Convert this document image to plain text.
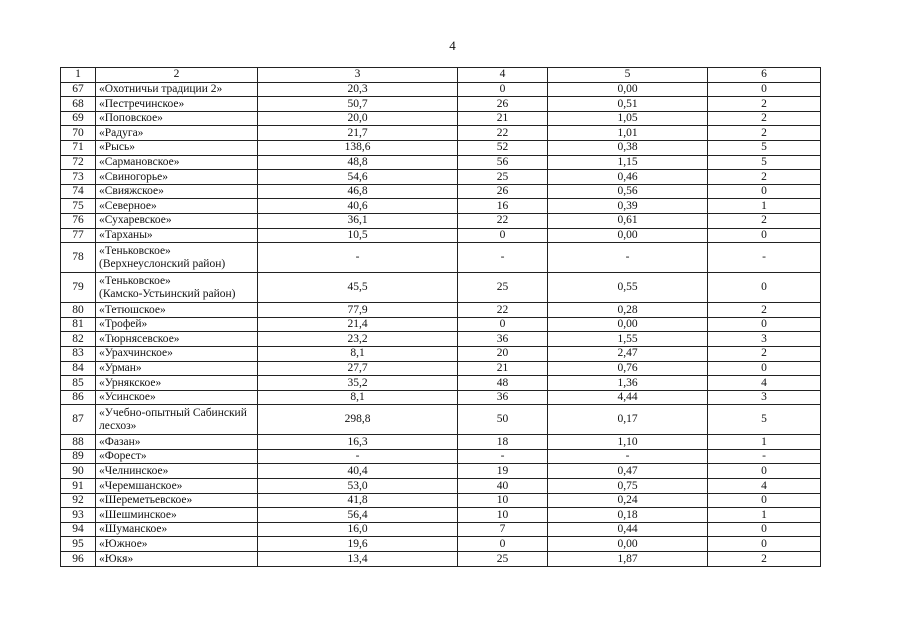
4
1	2	3	4	5	6
67	«Охотничьи традиции 2»	20,3	0	0,00	0
68	«Пестречинское»	50,7	26	0,51	2
69	«Поповское»	20,0	21	1,05	2
70	«Радуга»	21,7	22	1,01	2
71	«Рысь»	138,6	52	0,38	5
72	«Сармановское»	48,8	56	1,15	5
73	«Свиногорье»	54,6	25	0,46	2
74	«Свияжское»	46,8	26	0,56	0
75	«Северное»	40,6	16	0,39	1
76	«Сухаревское»	36,1	22	0,61	2
77	«Тарханы»	10,5	0	0,00	0
78	«Теньковское»
(Верхнеуслонский район)	-	-	-	-
79	«Теньковское»
(Камско-Устьинский район)	45,5	25	0,55	0
80	«Тетюшское»	77,9	22	0,28	2
81	«Трофей»	21,4	0	0,00	0
82	«Тюрнясевское»	23,2	36	1,55	3
83	«Урахчинское»	8,1	20	2,47	2
84	«Урман»	27,7	21	0,76	0
85	«Урнякское»	35,2	48	1,36	4
86	«Усинское»	8,1	36	4,44	3
87	«Учебно-опытный Сабинский
лесхоз»	298,8	50	0,17	5
88	«Фазан»	16,3	18	1,10	1
89	«Форест»	-	-	-	-
90	«Челнинское»	40,4	19	0,47	0
91	«Черемшанское»	53,0	40	0,75	4
92	«Шереметьевское»	41,8	10	0,24	0
93	«Шешминское»	56,4	10	0,18	1
94	«Шуманское»	16,0	7	0,44	0
95	«Южное»	19,6	0	0,00	0
96	«Юкя»	13,4	25	1,87	2
